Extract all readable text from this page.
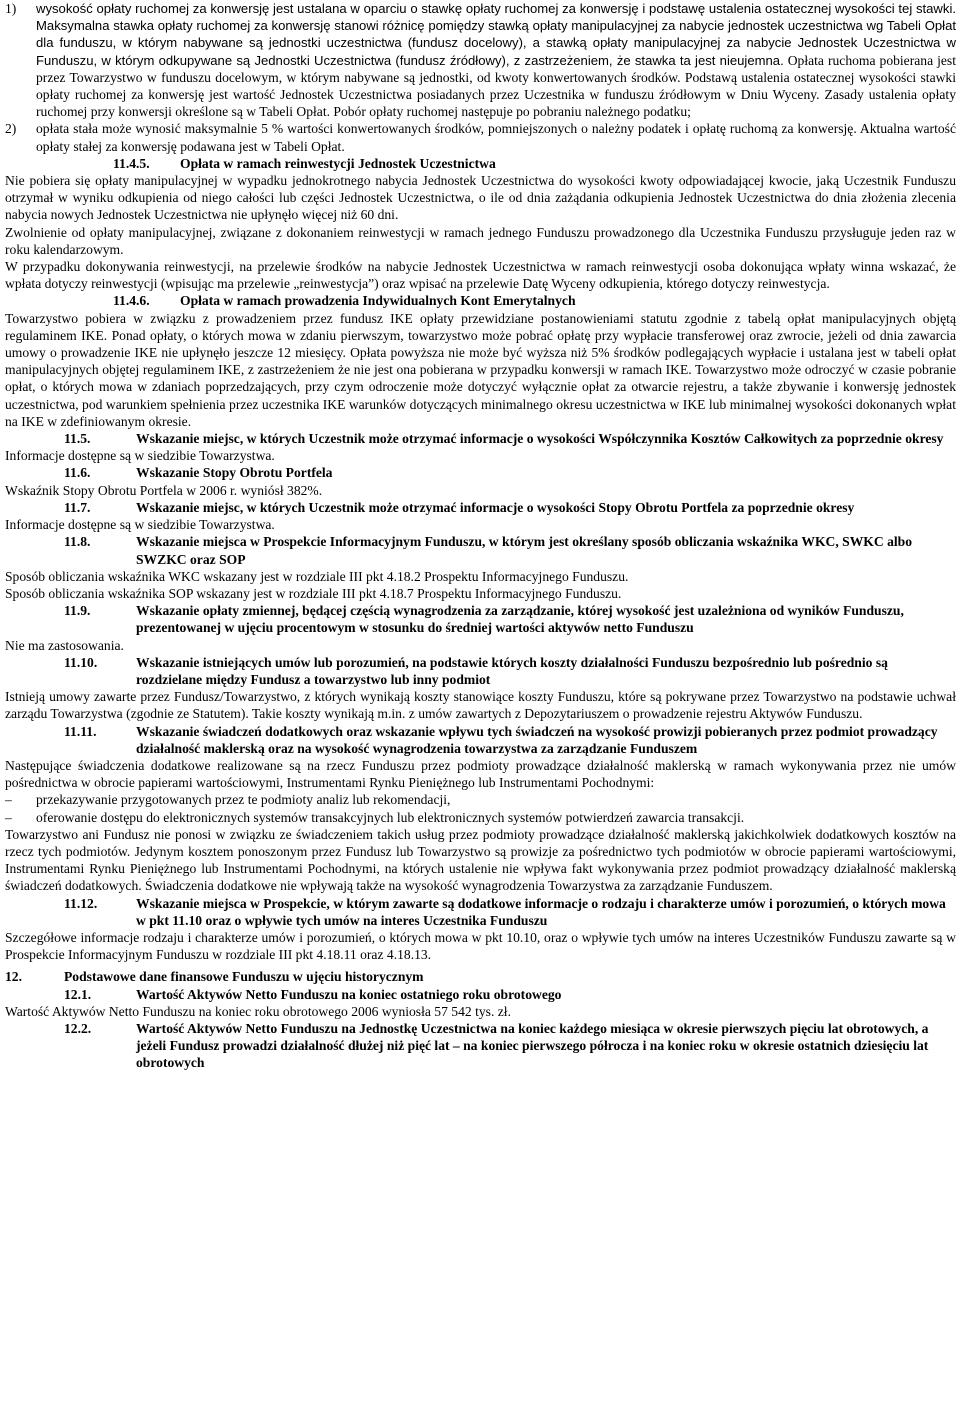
1) wysokość opłaty ruchomej za konwersję jest ustalana w oparciu o stawkę opłaty ruchomej za konwersję i podstawę ustalenia ostatecznej wysokości tej stawki. Maksymalna stawka opłaty ruchomej za konwersję stanowi różnicę pomiędzy stawką opłaty manipulacyjnej za nabycie jednostek uczestnictwa wg Tabeli Opłat dla funduszu, w którym nabywane są jednostki uczestnictwa (fundusz docelowy), a stawką opłaty manipulacyjnej za nabycie Jednostek Uczestnictwa w Funduszu, w którym odkupywane są Jednostki Uczestnictwa (fundusz źródłowy), z zastrzeżeniem, że stawka ta jest nieujemna. Opłata ruchoma pobierana jest przez Towarzystwo w funduszu docelowym, w którym nabywane są jednostki, od kwoty konwertowanych środków. Podstawą ustalenia ostatecznej wysokości stawki opłaty ruchomej za konwersję jest wartość Jednostek Uczestnictwa posiadanych przez Uczestnika w funduszu źródłowym w Dniu Wyceny. Zasady ustalenia opłaty ruchomej przy konwersji określone są w Tabeli Opłat. Pobór opłaty ruchomej następuje po pobraniu należnego podatku;
2) opłata stała może wynosić maksymalnie 5 % wartości konwertowanych środków, pomniejszonych o należny podatek i opłatę ruchomą za konwersję. Aktualna wartość opłaty stałej za konwersję podawana jest w Tabeli Opłat.
11.4.5. Opłata w ramach reinwestycji Jednostek Uczestnictwa

Nie pobiera się opłaty manipulacyjnej w wypadku jednokrotnego nabycia Jednostek Uczestnictwa do wysokości kwoty odpowiadającej kwocie, jaką Uczestnik Funduszu otrzymał w wyniku odkupienia od niego całości lub części Jednostek Uczestnictwa, o ile od dnia zażądania odkupienia Jednostek Uczestnictwa do dnia złożenia zlecenia nabycia nowych Jednostek Uczestnictwa nie upłynęło więcej niż 60 dni.

Zwolnienie od opłaty manipulacyjnej, związane z dokonaniem reinwestycji w ramach jednego Funduszu prowadzonego dla Uczestnika Funduszu przysługuje jeden raz w roku kalendarzowym.

W przypadku dokonywania reinwestycji, na przelewie środków na nabycie Jednostek Uczestnictwa w ramach reinwestycji osoba dokonująca wpłaty winna wskazać, że wpłata dotyczy reinwestycji (wpisując ma przelewie „reinwestycja”) oraz wpisać na przelewie Datę Wyceny odkupienia, którego dotyczy reinwestycja.

11.4.6. Opłata w ramach prowadzenia Indywidualnych Kont Emerytalnych

Towarzystwo pobiera w związku z prowadzeniem przez fundusz IKE opłaty przewidziane postanowieniami statutu zgodnie z tabelą opłat manipulacyjnych objętą regulaminem IKE. Ponad opłaty, o których mowa w zdaniu pierwszym, towarzystwo może pobrać opłatę przy wypłacie transferowej oraz zwrocie, jeżeli od dnia zawarcia umowy o prowadzenie IKE nie upłynęło jeszcze 12 miesięcy. Opłata powyższa nie może być wyższa niż 5% środków podlegających wypłacie i ustalana jest w tabeli opłat manipulacyjnych objętej regulaminem IKE, z zastrzeżeniem że nie jest ona pobierana w przypadku konwersji w ramach IKE. Towarzystwo może odroczyć w czasie pobranie opłat, o których mowa w zdaniach poprzedzających, przy czym odroczenie może dotyczyć wyłącznie opłat za otwarcie rejestru, a także zbywanie i konwersję jednostek uczestnictwa, pod warunkiem spełnienia przez uczestnika IKE warunków dotyczących minimalnego okresu uczestnictwa w IKE lub minimalnej wysokości dokonanych wpłat na IKE w zdefiniowanym okresie.

11.5.	Wskazanie miejsc, w których Uczestnik może otrzymać informacje o wysokości Współczynnika Kosztów Całkowitych za poprzednie okresy

Informacje dostępne są w siedzibie Towarzystwa.

11.6.	Wskazanie Stopy Obrotu Portfela

Wskaźnik Stopy Obrotu Portfela w 2006 r. wyniósł 382%.

11.7.	Wskazanie miejsc, w których Uczestnik może otrzymać informacje o wysokości Stopy Obrotu Portfela za poprzednie okresy

Informacje dostępne są w siedzibie Towarzystwa.

11.8.	Wskazanie miejsca w Prospekcie Informacyjnym Funduszu, w którym jest określany sposób obliczania wskaźnika WKC, SWKC albo SWZKC oraz SOP

Sposób obliczania wskaźnika WKC wskazany jest w rozdziale III pkt 4.18.2 Prospektu Informacyjnego Funduszu.

Sposób obliczania wskaźnika SOP wskazany jest w rozdziale III pkt 4.18.7 Prospektu Informacyjnego Funduszu.

11.9.	Wskazanie opłaty zmiennej, będącej częścią wynagrodzenia za zarządzanie, której wysokość jest uzależniona od wyników Funduszu, prezentowanej w ujęciu procentowym w stosunku do średniej wartości aktywów netto Funduszu

Nie ma zastosowania.

11.10.	Wskazanie istniejących umów lub porozumień, na podstawie których koszty działalności Funduszu bezpośrednio lub pośrednio są rozdzielane między Fundusz a towarzystwo lub inny podmiot

Istnieją umowy zawarte przez Fundusz/Towarzystwo, z których wynikają koszty stanowiące koszty Funduszu, które są pokrywane przez Towarzystwo na podstawie uchwał zarządu Towarzystwa (zgodnie ze Statutem). Takie koszty wynikają m.in. z umów zawartych z Depozytariuszem o prowadzenie rejestru Aktywów Funduszu.

11.11.	Wskazanie świadczeń dodatkowych oraz wskazanie wpływu tych świadczeń na wysokość prowizji pobieranych przez podmiot prowadzący działalność maklerską oraz na wysokość wynagrodzenia towarzystwa za zarządzanie Funduszem

Następujące świadczenia dodatkowe realizowane są na rzecz Funduszu przez podmioty prowadzące działalność maklerską w ramach wykonywania przez nie umów pośrednictwa w obrocie papierami wartościowymi, Instrumentami Rynku Pieniężnego lub Instrumentami Pochodnymi:

– przekazywanie przygotowanych przez te podmioty analiz lub rekomendacji,
– oferowanie dostępu do elektronicznych systemów transakcyjnych lub elektronicznych systemów potwierdzeń zawarcia transakcji.

Towarzystwo ani Fundusz nie ponosi w związku ze świadczeniem takich usług przez podmioty prowadzące działalność maklerską jakichkolwiek dodatkowych kosztów na rzecz tych podmiotów. Jedynym kosztem ponoszonym przez Fundusz lub Towarzystwo są prowizje za pośrednictwo tych podmiotów w obrocie papierami wartościowymi, Instrumentami Rynku Pieniężnego lub Instrumentami Pochodnymi, na których ustalenie nie wpływa fakt wykonywania przez podmiot prowadzący działalność maklerską świadczeń dodatkowych. Świadczenia dodatkowe nie wpływają także na wysokość wynagrodzenia Towarzystwa za zarządzanie Funduszem.

11.12.	Wskazanie miejsca w Prospekcie, w którym zawarte są dodatkowe informacje o rodzaju i charakterze umów i porozumień, o których mowa w pkt 11.10 oraz o wpływie tych umów na interes Uczestnika Funduszu

Szczegółowe informacje rodzaju i charakterze umów i porozumień, o których mowa w pkt 10.10, oraz o wpływie tych umów na interes Uczestników Funduszu zawarte są w Prospekcie Informacyjnym Funduszu w rozdziale III pkt 4.18.11 oraz 4.18.13.

12.	Podstawowe dane finansowe Funduszu w ujęciu historycznym
12.1.	Wartość Aktywów Netto Funduszu na koniec ostatniego roku obrotowego

Wartość Aktywów Netto Funduszu na koniec roku obrotowego 2006 wyniosła 57 542 tys. zł.

12.2.	Wartość Aktywów Netto Funduszu na Jednostkę Uczestnictwa na koniec każdego miesiąca w okresie pierwszych pięciu lat obrotowych, a jeżeli Fundusz prowadzi działalność dłużej niż pięć lat – na koniec pierwszego półrocza i na koniec roku w okresie ostatnich dziesięciu lat obrotowych
